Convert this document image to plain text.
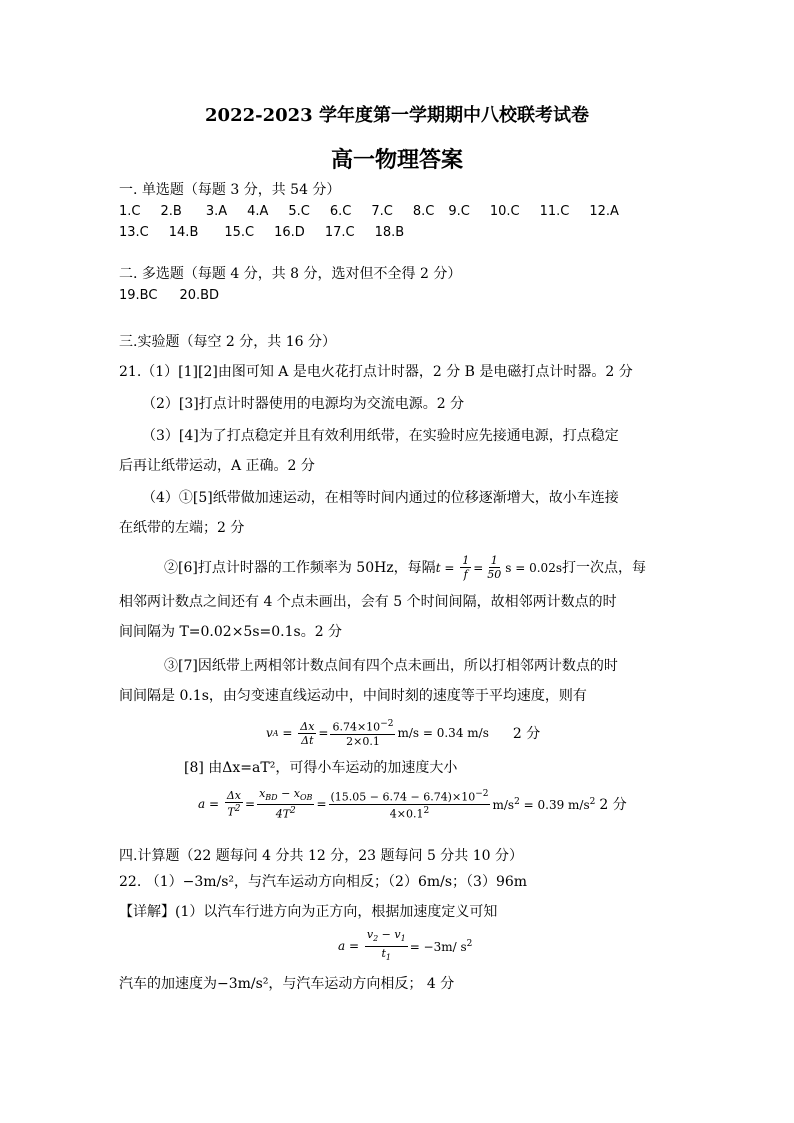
2022-2023 学年度第一学期期中八校联考试卷
高一物理答案
一. 单选题（每题 3 分，共 54 分）
1.C 2.B 3.A 4.A 5.C 6.C 7.C 8.C 9.C 10.C 11.C 12.A
13.C 14.B 15.C 16.D 17.C 18.B
二. 多选题（每题 4 分，共 8 分，选对但不全得 2 分）
19.BC 20.BD
三.实验题（每空 2 分，共 16 分）
21.（1）[1][2]由图可知 A 是电火花打点计时器，2 分 B 是电磁打点计时器。2 分
（2）[3]打点计时器使用的电源均为交流电源。2 分
（3）[4]为了打点稳定并且有效利用纸带，在实验时应先接通电源，打点稳定
后再让纸带运动，A 正确。2 分
（4）①[5]纸带做加速运动，在相等时间内通过的位移逐渐增大，故小车连接
在纸带的左端；2 分
②[6]打点计时器的工作频率为 50Hz，每隔 $t = \frac{1}{f} = \frac{1}{50}$ s = 0.02s 打一次点，每
相邻两计数点之间还有 4 个点未画出，会有 5 个时间间隔，故相邻两计数点的时
间间隔为 T=0.02×5s=0.1s。2 分
③[7]因纸带上两相邻计数点间有四个点未画出，所以打相邻两计数点的时
间间隔是 0.1s，由匀变速直线运动中，中间时刻的速度等于平均速度，则有
v $A = \frac{\Delta x}{\Delta t} = \frac{6.74\times 10^{-2}}{2\times 0.1} m/s = 0.34$ m/s 2 分
[8] 由Δx=aT²，可得小车运动的加速度大小
$a = \frac{\Delta x}{T^2} = \frac{x_{BD} - x_{OB}}{4T^2} = \frac{(15.05 - 6.74 - 6.74)\times 10^{-2}}{4\times 0.1^2} m/s^2 = 0.39$ $m/s^2$ 2 分
四.计算题（22 题每问 4 分共 12 分，23 题每问 5 分共 10 分）
22. （1）−3m/s²，与汽车运动方向相反；（2）6m/s；（3）96m
【详解】(1）以汽车行进方向为正方向，根据加速度定义可知
$a = \frac{v_2 - v_1}{t_1} = -3m/$ $s^2$
汽车的加速度为−3m/s²，与汽车运动方向相反； 4 分
